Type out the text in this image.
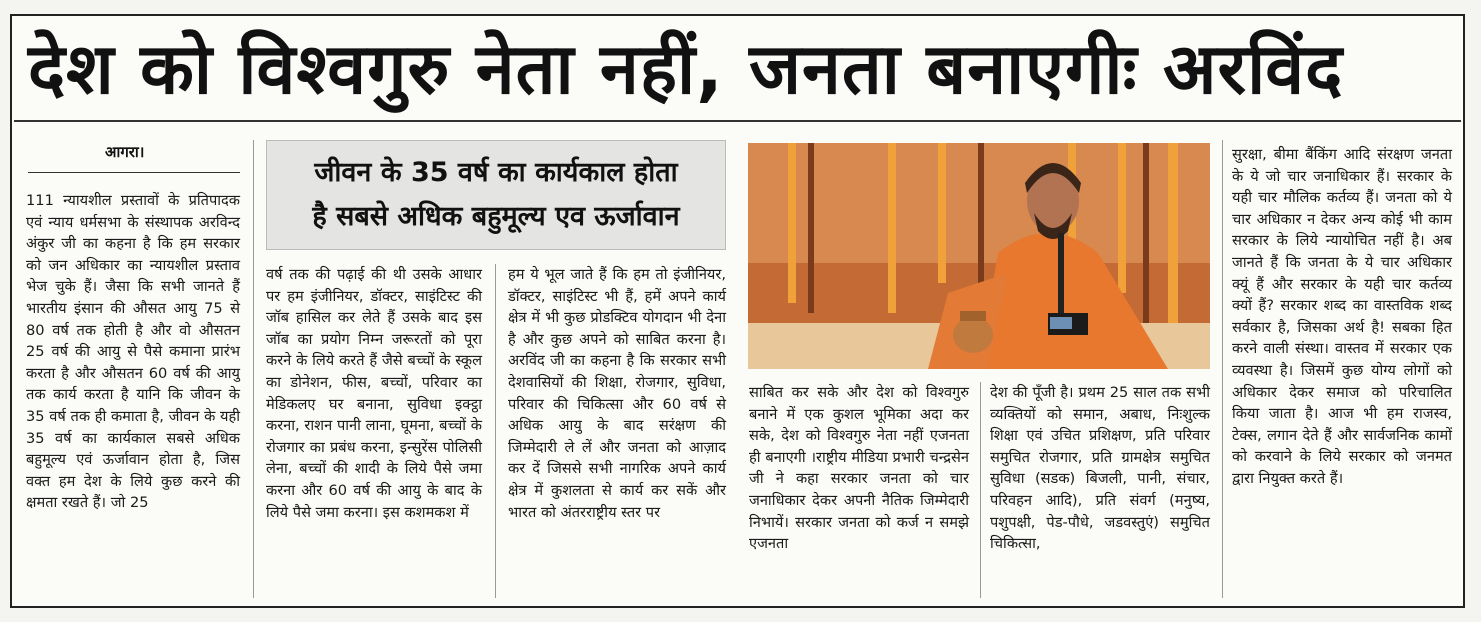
देश को विश्वगुरु नेता नहीं, जनता बनाएगीः अरविंद
आगरा।
111 न्यायशील प्रस्तावों के प्रतिपादक एवं न्याय धर्मसभा के संस्थापक अरविन्द अंकुर जी का कहना है कि हम सरकार को जन अधिकार का न्यायशील प्रस्ताव भेज चुके हैं। जैसा कि सभी जानते हैं भारतीय इंसान की औसत आयु 75 से 80 वर्ष तक होती है और वो औसतन 25 वर्ष की आयु से पैसे कमाना प्रारंभ करता है और औसतन 60 वर्ष की आयु तक कार्य करता है यानि कि जीवन के 35 वर्ष तक ही कमाता है, जीवन के यही 35 वर्ष का कार्यकाल सबसे अधिक बहुमूल्य एवं ऊर्जावान होता है, जिस वक्त हम देश के लिये कुछ करने की क्षमता रखते हैं। जो 25
जीवन के 35 वर्ष का कार्यकाल होता
है सबसे अधिक बहुमूल्य एव ऊर्जावान
वर्ष तक की पढ़ाई की थी उसके आधार पर हम इंजीनियर, डॉक्टर, साइंटिस्ट की जॉब हासिल कर लेते हैं उसके बाद इस जॉब का प्रयोग निम्न जरूरतों को पूरा करने के लिये करते हैं जैसे बच्चों के स्कूल का डोनेशन, फीस, बच्चों, परिवार का मेडिकलए घर बनाना, सुविधा इक्ट्ठा करना, राशन पानी लाना, घूमना, बच्चों के रोजगार का प्रबंध करना, इन्सुरेंस पोलिसी लेना, बच्चों की शादी के लिये पैसे जमा करना और 60 वर्ष की आयु के बाद के लिये पैसे जमा करना। इस कशमकश में
हम ये भूल जाते हैं कि हम तो इंजीनियर, डॉक्टर, साइंटिस्ट भी हैं, हमें अपने कार्य क्षेत्र में भी कुछ प्रोडक्टिव योगदान भी देना है और कुछ अपने को साबित करना है। अरविंद जी का कहना है कि सरकार सभी देशवासियों की शिक्षा, रोजगार, सुविधा, परिवार की चिकित्सा और 60 वर्ष से अधिक आयु के बाद सरंक्षण की जिम्मेदारी ले लें और जनता को आज़ाद कर दें जिससे सभी नागरिक अपने कार्य क्षेत्र में कुशलता से कार्य कर सकें और भारत को अंतरराष्ट्रीय स्तर पर
साबित कर सके और देश को विश्वगुरु बनाने में एक कुशल भूमिका अदा कर सके, देश को विश्वगुरु नेता नहीं एजनता ही बनाएगी ।राष्ट्रीय मीडिया प्रभारी चन्द्रसेन जी ने कहा सरकार जनता को चार जनाधिकार देकर अपनी नैतिक जिम्मेदारी निभायें। सरकार जनता को कर्ज न समझे एजनता
देश की पूँजी है। प्रथम 25 साल तक सभी व्यक्तियों को समान, अबाध, निःशुल्क शिक्षा एवं उचित प्रशिक्षण, प्रति परिवार समुचित रोजगार, प्रति ग्रामक्षेत्र समुचित सुविधा (सडक) बिजली, पानी, संचार, परिवहन आदि), प्रति संवर्ग (मनुष्य, पशुपक्षी, पेड-पौधे, जडवस्तुएं) समुचित चिकित्सा,
सुरक्षा, बीमा बैंकिंग आदि संरक्षण जनता के ये जो चार जनाधिकार हैं। सरकार के यही चार मौलिक कर्तव्य हैं। जनता को ये चार अधिकार न देकर अन्य कोई भी काम सरकार के लिये न्यायोचित नहीं है। अब जानते हैं कि जनता के ये चार अधिकार क्यूं हैं और सरकार के यही चार कर्तव्य क्यों हैं? सरकार शब्द का वास्तविक शब्द सर्वकार है, जिसका अर्थ है! सबका हित करने वाली संस्था। वास्तव में सरकार एक व्यवस्था है। जिसमें कुछ योग्य लोगों को अधिकार देकर समाज को परिचालित किया जाता है। आज भी हम राजस्व, टेक्स, लगान देते हैं और सार्वजनिक कामों को करवाने के लिये सरकार को जनमत द्वारा नियुक्त करते हैं।
